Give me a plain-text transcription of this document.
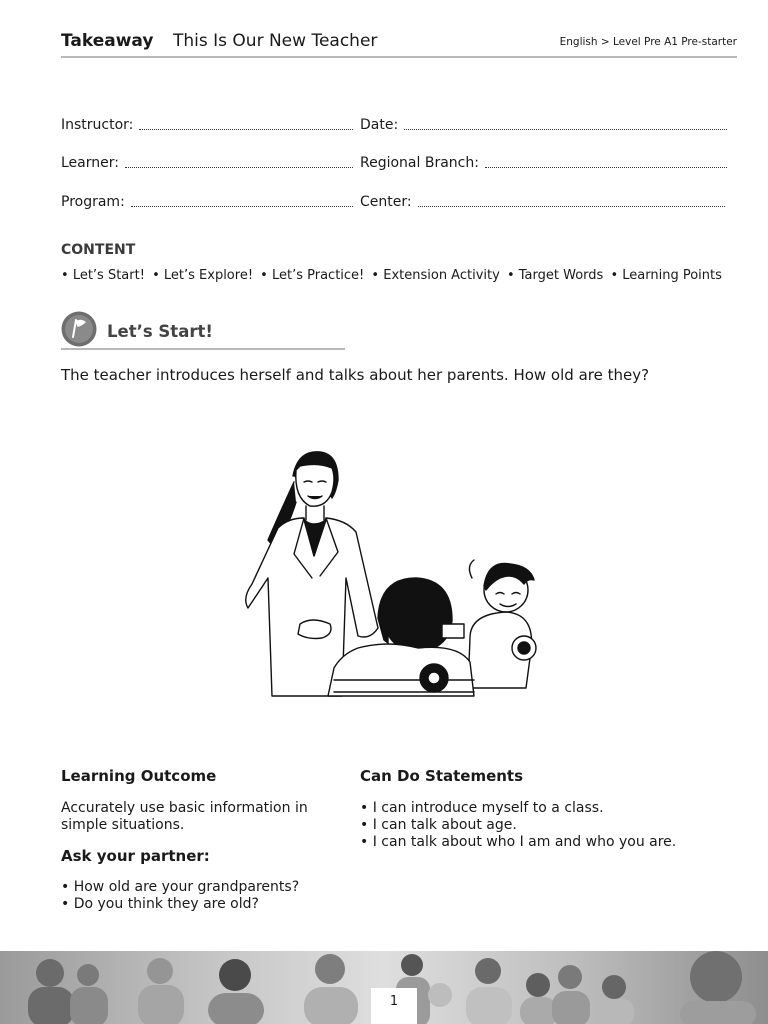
Takeaway This Is Our New Teacher	English > Level Pre A1 Pre-starter
Instructor:	Date:
Learner:	Regional Branch:
Program:	Center:
CONTENT
• Let’s Start! • Let’s Explore! • Let’s Practice! • Extension Activity • Target Words • Learning Points
Let’s Start!
The teacher introduces herself and talks about her parents. How old are they?
Learning Outcome
Accurately use basic information in simple situations.
Ask your partner:
• How old are your grandparents?
• Do you think they are old?
Can Do Statements
• I can introduce myself to a class.
• I can talk about age.
• I can talk about who I am and who you are.
1
